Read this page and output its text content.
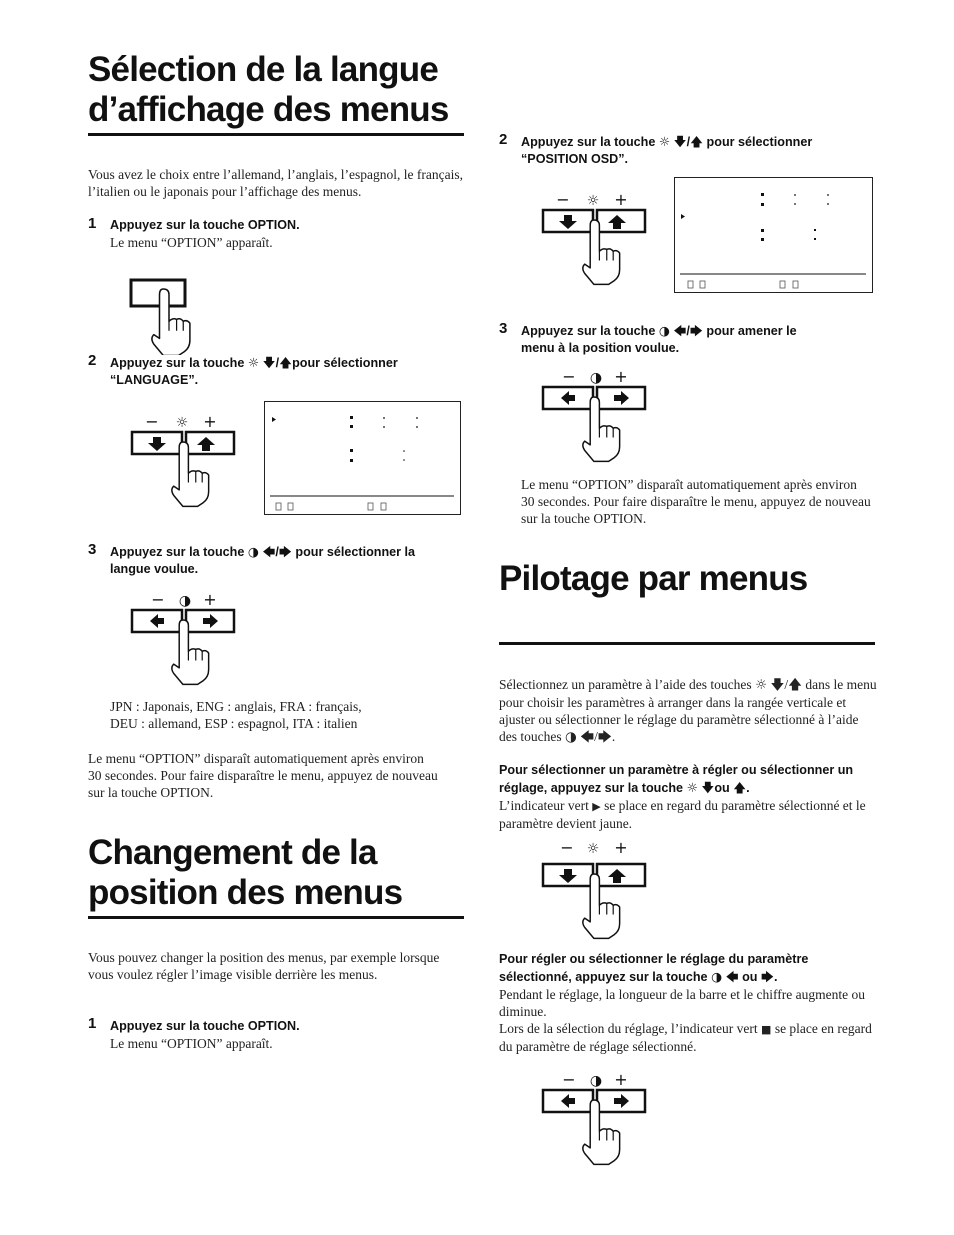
Sélection de la langue d’affichage des menus
Vous avez le choix entre l’allemand, l’anglais, l’espagnol, le français, l’italien ou le japonais pour l’affichage des menus.
1 Appuyez sur la touche OPTION.
Le menu “OPTION” apparaît.
2 Appuyez sur la touche ☼ 🡇/🡅pour sélectionner
“LANGUAGE”.
− ☼ +
3 Appuyez sur la touche ◑ 🡄/🡆 pour sélectionner la
langue voulue.
− ◑ +
JPN : Japonais, ENG : anglais, FRA : français,
DEU : allemand, ESP : espagnol, ITA : italien
Le menu “OPTION” disparaît automatiquement après environ 30 secondes. Pour faire disparaître le menu, appuyez de nouveau sur la touche OPTION.
Changement de la position des menus
Vous pouvez changer la position des menus, par exemple lorsque vous voulez régler l’image visible derrière les menus.
1 Appuyez sur la touche OPTION.
Le menu “OPTION” apparaît.
2 Appuyez sur la touche ☼ 🡇/🡅 pour sélectionner
“POSITION OSD”.
− ☼ +
3 Appuyez sur la touche ◑ 🡄/🡆 pour amener le
menu à la position voulue.
− ◑ +
Le menu “OPTION” disparaît automatiquement après environ 30 secondes. Pour faire disparaître le menu, appuyez de nouveau sur la touche OPTION.
Pilotage par menus
Sélectionnez un paramètre à l’aide des touches ☼ 🡇/🡅 dans le menu pour choisir les paramètres à arranger dans la rangée verticale et ajuster ou sélectionner le réglage du paramètre sélectionné à l’aide des touches ◑ 🡄/🡆.
Pour sélectionner un paramètre à régler ou sélectionner un réglage, appuyez sur la touche ☼ 🡇ou 🡅.
L’indicateur vert ▶ se place en regard du paramètre sélectionné et le paramètre devient jaune.
− ☼ +
Pour régler ou sélectionner le réglage du paramètre sélectionné, appuyez sur la touche ◑ 🡄 ou 🡆.
Pendant le réglage, la longueur de la barre et le chiffre augmente ou diminue.
Lors de la sélection du réglage, l’indicateur vert ■ se place en regard du paramètre de réglage sélectionné.
− ◑ +
